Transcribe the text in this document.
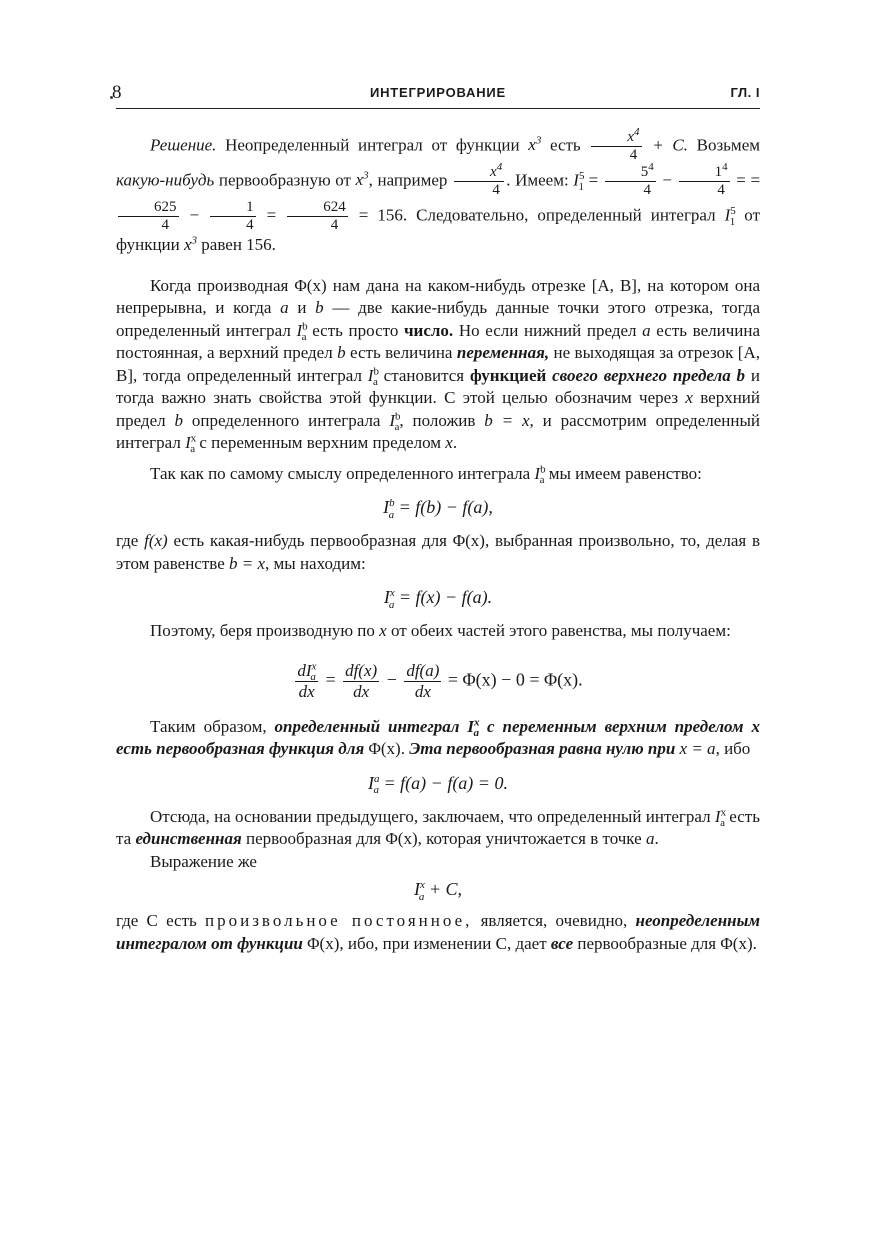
8	ИНТЕГРИРОВАНИЕ	ГЛ. I

Решение. Неопределенный интеграл от функции $x^3$ есть $\frac{x^4}{4} + C$. Возьмем какую-нибудь первообразную от $x^3$, например $\frac{x^4}{4}$ . Имеем: $I^5_1 = \frac{5^4}{4} - \frac{1^4}{4}$ = =
$\frac{625}{4} - \frac{1}{4} = \frac{624}{4} = 156$. Следовательно, определенный интеграл $I^5_1$ от функции $x^3$ равен 156.

Когда производная Φ(x) нам дана на каком-нибудь отрезке [A, B], на котором она непрерывна, и когда a и b — две какие-нибудь данные точки этого отрезка, тогда определенный интеграл $I^b_a$ есть просто число. Но если нижний предел a есть величина постоянная, а верхний предел b есть величина переменная, не выходящая за отрезок [A, B], тогда определенный интеграл $I^b_a$ становится функцией своего верхнего предела b и тогда важно знать свойства этой функции. С этой целью обозначим через x верхний предел b определенного интеграла $I^b_a$, положив b = x, и рассмотрим определенный интеграл $I^x_a$ с переменным верхним пределом x.

Так как по самому смыслу определенного интеграла $I^b_a$ мы имеем равенство:

$I^b_a = f(b) - f(a)$,

где f(x) есть какая-нибудь первообразная для Φ(x), выбранная произвольно, то, делая в этом равенстве b = x, мы находим:

$I^x_a = f(x) - f(a)$.

Поэтому, беря производную по x от обеих частей этого равенства, мы получаем:

$\frac{dI^x_a}{dx} = \frac{df(x)}{dx} - \frac{df(a)}{dx} = \Phi(x) - 0 = \Phi(x)$.

Таким образом, определенный интеграл $I^x_a$ с переменным верхним пределом x есть первообразная функция для Φ(x). Эта первообразная равна нулю при x = a, ибо

$I^a_a = f(a) - f(a) = 0$.

Отсюда, на основании предыдущего, заключаем, что определенный интеграл $I^x_a$ есть та единственная первообразная для Φ(x), которая уничтожается в точке a.

Выражение же

$I^x_a + C$,

где C есть произвольное постоянное, является, очевидно, неопределенным интегралом от функции Φ(x), ибо, при изменении C, дает все первообразные для Φ(x).
